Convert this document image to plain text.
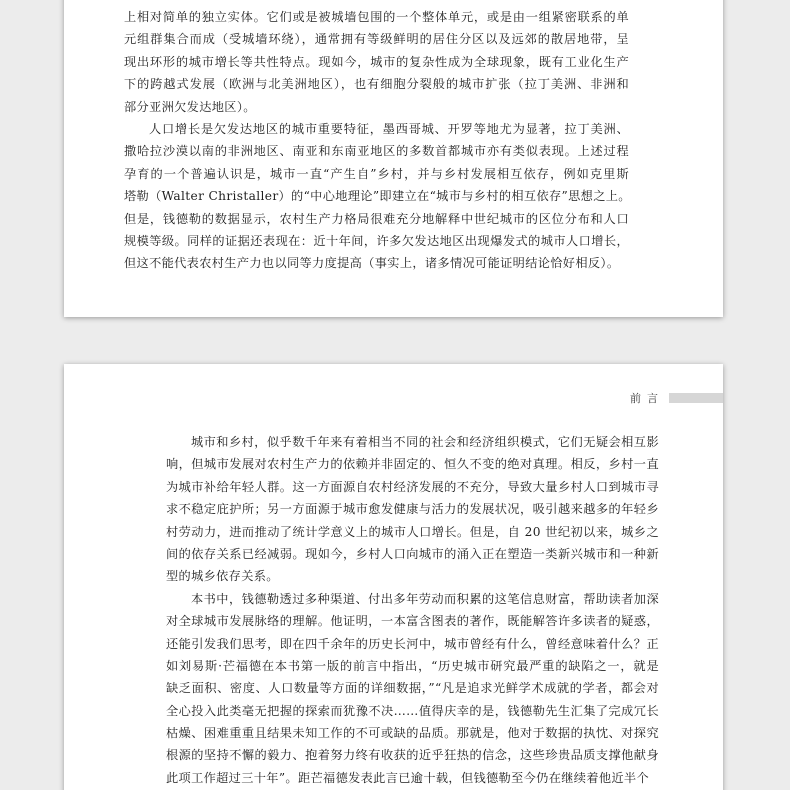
上相对简单的独立实体。它们或是被城墙包围的一个整体单元，或是由一组紧密联系的单
元组群集合而成（受城墙环绕），通常拥有等级鲜明的居住分区以及远郊的散居地带，呈
现出环形的城市增长等共性特点。现如今，城市的复杂性成为全球现象，既有工业化生产
下的跨越式发展（欧洲与北美洲地区），也有细胞分裂般的城市扩张（拉丁美洲、非洲和
部分亚洲欠发达地区）。

人口增长是欠发达地区的城市重要特征，墨西哥城、开罗等地尤为显著，拉丁美洲、
撒哈拉沙漠以南的非洲地区、南亚和东南亚地区的多数首都城市亦有类似表现。上述过程
孕育的一个普遍认识是，城市一直“产生自”乡村，并与乡村发展相互依存，例如克里斯
塔勒（Walter Christaller）的“中心地理论”即建立在“城市与乡村的相互依存”思想之上。
但是，钱德勒的数据显示，农村生产力格局很难充分地解释中世纪城市的区位分布和人口
规模等级。同样的证据还表现在：近十年间，许多欠发达地区出现爆发式的城市人口增长，
但这不能代表农村生产力也以同等力度提高（事实上，诸多情况可能证明结论恰好相反）。

前言

城市和乡村，似乎数千年来有着相当不同的社会和经济组织模式，它们无疑会相互影
响，但城市发展对农村生产力的依赖并非固定的、恒久不变的绝对真理。相反，乡村一直
为城市补给年轻人群。这一方面源自农村经济发展的不充分，导致大量乡村人口到城市寻
求不稳定庇护所；另一方面源于城市愈发健康与活力的发展状况，吸引越来越多的年轻乡
村劳动力，进而推动了统计学意义上的城市人口增长。但是，自 20 世纪初以来，城乡之
间的依存关系已经减弱。现如今，乡村人口向城市的涌入正在塑造一类新兴城市和一种新
型的城乡依存关系。

本书中，钱德勒透过多种渠道、付出多年劳动而积累的这笔信息财富，帮助读者加深
对全球城市发展脉络的理解。他证明，一本富含图表的著作，既能解答许多读者的疑惑，
还能引发我们思考，即在四千余年的历史长河中，城市曾经有什么，曾经意味着什么？正
如刘易斯·芒福德在本书第一版的前言中指出，“历史城市研究最严重的缺陷之一，就是
缺乏面积、密度、人口数量等方面的详细数据，”“凡是追求光鲜学术成就的学者，都会对
全心投入此类毫无把握的探索而犹豫不决……值得庆幸的是，钱德勒先生汇集了完成冗长
枯燥、困难重重且结果未知工作的不可或缺的品质。那就是，他对于数据的执忱、对探究
根源的坚持不懈的毅力、抱着努力终有收获的近乎狂热的信念，这些珍贵品质支撑他献身
此项工作超过三十年”。距芒福德发表此言已逾十载，但钱德勒至今仍在继续着他近半个
